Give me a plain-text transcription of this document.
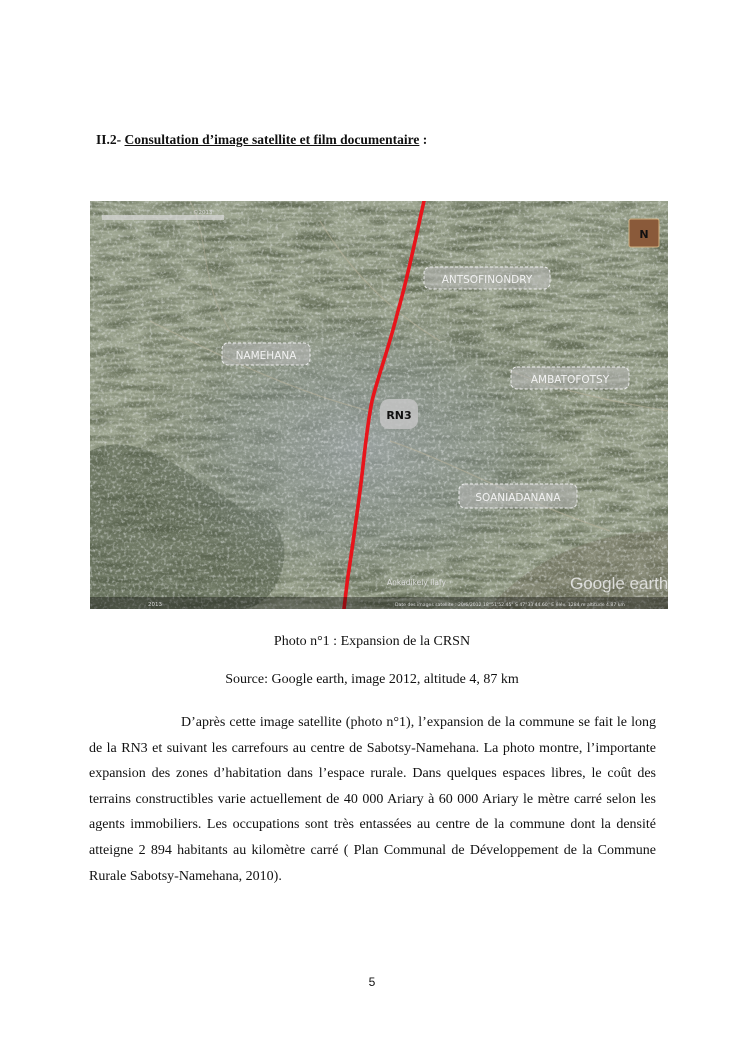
II.2- Consultation d’image satellite et film documentaire :
©2013
N
ANTSOFINONDRY
NAMEHANA
AMBATOFOTSY
RN3
SOANIADANANA
Ankadikely Ilafy	Google earth
2013	Date des images satellite : 20/6/2012 18°51'52.45" S 47°33'44.60" E élév. 1284 m altitude 4.87 km
Photo n°1 : Expansion de la CRSN
Source: Google earth, image 2012, altitude 4, 87 km

D’après cette image satellite (photo n°1), l’expansion de la commune se fait le long de la RN3 et suivant les carrefours au centre de Sabotsy-Namehana. La photo montre, l’importante expansion des zones d’habitation dans l’espace rurale. Dans quelques espaces libres, le coût des terrains constructibles varie actuellement de 40 000 Ariary à 60 000 Ariary le mètre carré selon les agents immobiliers. Les occupations sont très entassées au centre de la commune dont la densité atteigne 2 894 habitants au kilomètre carré ( Plan Communal de Développement de la Commune Rurale Sabotsy-Namehana, 2010).

5
